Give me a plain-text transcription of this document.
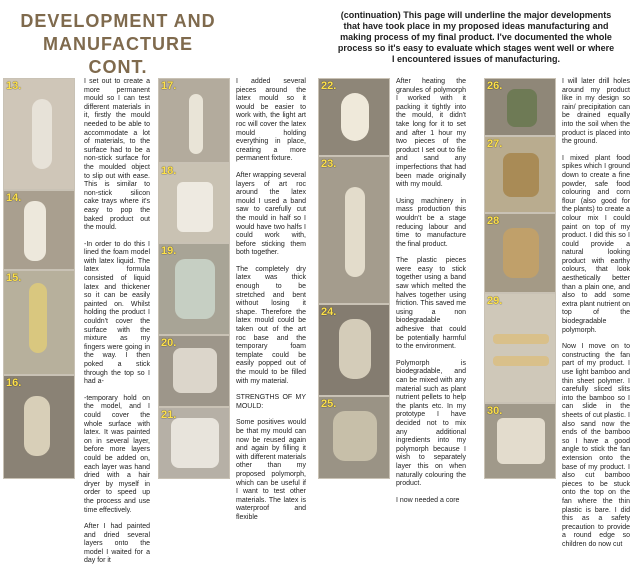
DEVELOPMENT AND MANUFACTURE CONT.
(continuation) This page will underline the major developments that have took place in my proposed ideas manufacturing and making process of my final product. I've documented the whole process so it's easy to evaluate which stages went well or where I encountered issues of manufacturing.
13.
14.
15.
16.

I set out to create a more permanent mould so I can test different materials in it, firstly the mould needed to be able to accommodate a lot of materials, to the surface had to be a non-stick surface for the moulded object to slip out with ease. This is similar to non-stick silicon cake trays where it's easy to pop the baked product out the mould.

-In order to do this I lined the foam model with latex liquid. The latex formula consisted of liquid latex and thickener so it can be easily painted on. Whilst holding the product I couldn't cover the surface with the mixture as my fingers were going in the way. I then poked a stick through the top so I had a-

-temporary hold on the model, and I could cover the whole surface with latex. It was painted on in several layer, before more layers could be added on, each layer was hand dried with a hair dryer by myself in order to speed up the process and use time effectively.

After I had painted and dried several layers onto the model I waited for a day for it

17.
18.
19.
20.
21.

I added several pieces around the latex mould so it would be easier to work with, the light art roc will cover the latex mould holding everything in place, creating a more permanent fixture.

After wrapping several layers of art roc around the latex mould I used a band saw to carefully cut the mould in half so I would have two halfs I could work with, before sticking them both together.

The completely dry latex was thick enough to be stretched and bent without losing it shape. Therefore the latex mould could be taken out of the art roc base and the temporary foam template could be easily popped out of the mould to be filled with my material.

STRENGTHS OF MY MOULD:

Some positives would be that my mould can now be reused again and again by filling it with different materials other than my proposed polymorph, which can be useful if I want to test other materials. The latex is waterproof and flexible

22.
23.
24.
25.

After heating the granules of polymorph I worked with it packing it tightly into the mould, it didn't take long for it to set and after 1 hour my two pieces of the product I set out to file and sand any imperfections that had been made originally with my mould.

Using machinery in mass production this wouldn't be a stage reducing labour and time to manufacture the final product.

The plastic pieces were easy to stick together using a band saw which melted the halves together using friction. This saved me using a non biodegradable adhesive that could be potentially harmful to the environment.

Polymorph is biodegradable, and can be mixed with any material such as plant nutrient pellets to help the plants etc. In my prototype I have decided not to mix any additional ingredients into my polymorph because I wish to separately layer this on when naturally colouring the product.

I now needed a core

26.
27.
28
29.
30.

I will later drill holes around my product like in my design so rain/ precipitation can be drained equally into the soil when the product is placed into the ground.

I mixed plant food spikes which I ground down to create a fine powder, safe food colouring and corn flour (also good for the plants) to create a colour mix I could paint on top of my product. I did this so I could provide a natural looking product with earthy colours, that look aesthetically better than a plain one, and also to add some extra plant nutrient on top of the biodegradable polymorph.

Now I move on to constructing the fan part of my product. I use light bamboo and thin sheet polymer. I carefully sliced slits into the bamboo so I can slide in the sheets of cut plastic. I also sand now the ends of the bamboo so I have a good angle to stick the fan extension onto the base of my product. I also cut bamboo pieces to be stuck onto the top on the fan where the thin plastic is bare. I did this as a safety precaution to provide a round edge so children do now cut
